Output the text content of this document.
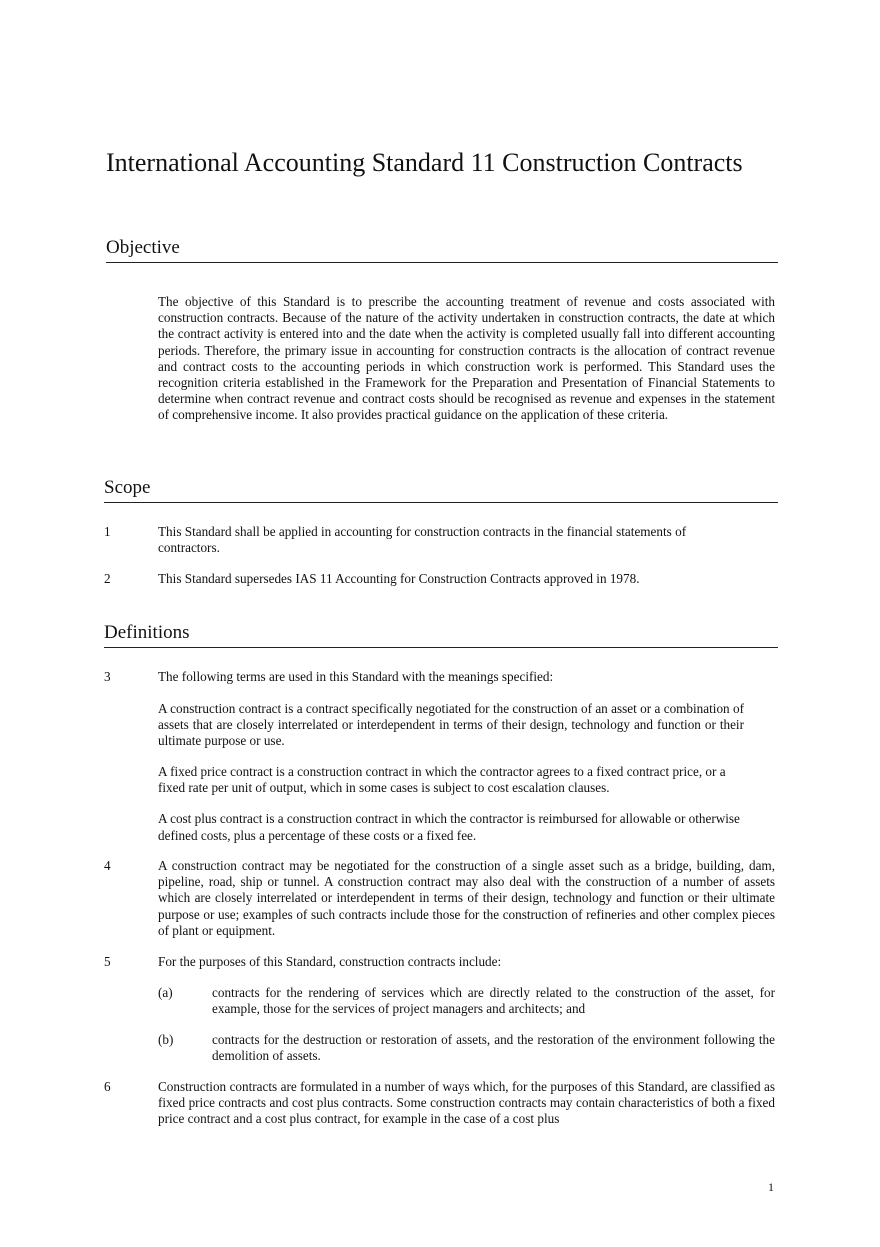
International Accounting Standard 11 Construction Contracts
Objective

The objective of this Standard is to prescribe the accounting treatment of revenue and costs associated with construction contracts. Because of the nature of the activity undertaken in construction contracts, the date at which the contract activity is entered into and the date when the activity is completed usually fall into different accounting periods. Therefore, the primary issue in accounting for construction contracts is the allocation of contract revenue and contract costs to the accounting periods in which construction work is performed. This Standard uses the recognition criteria established in the Framework for the Preparation and Presentation of Financial Statements to determine when contract revenue and contract costs should be recognised as revenue and expenses in the statement of comprehensive income. It also provides practical guidance on the application of these criteria.

Scope
1	This Standard shall be applied in accounting for construction contracts in the financial statements of contractors.

2	This Standard supersedes IAS 11 Accounting for Construction Contracts approved in 1978.

Definitions
3	The following terms are used in this Standard with the meanings specified:

A construction contract is a contract specifically negotiated for the construction of an asset or a combination of assets that are closely interrelated or interdependent in terms of their design, technology and function or their ultimate purpose or use.

A fixed price contract is a construction contract in which the contractor agrees to a fixed contract price, or a fixed rate per unit of output, which in some cases is subject to cost escalation clauses.

A cost plus contract is a construction contract in which the contractor is reimbursed for allowable or otherwise defined costs, plus a percentage of these costs or a fixed fee.

4	A construction contract may be negotiated for the construction of a single asset such as a bridge, building, dam, pipeline, road, ship or tunnel. A construction contract may also deal with the construction of a number of assets which are closely interrelated or interdependent in terms of their design, technology and function or their ultimate purpose or use; examples of such contracts include those for the construction of refineries and other complex pieces of plant or equipment.

5	For the purposes of this Standard, construction contracts include:

(a)	contracts for the rendering of services which are directly related to the construction of the asset, for example, those for the services of project managers and architects; and

(b)	contracts for the destruction or restoration of assets, and the restoration of the environment following the demolition of assets.

6	Construction contracts are formulated in a number of ways which, for the purposes of this Standard, are classified as fixed price contracts and cost plus contracts. Some construction contracts may contain characteristics of both a fixed price contract and a cost plus contract, for example in the case of a cost plus

1
